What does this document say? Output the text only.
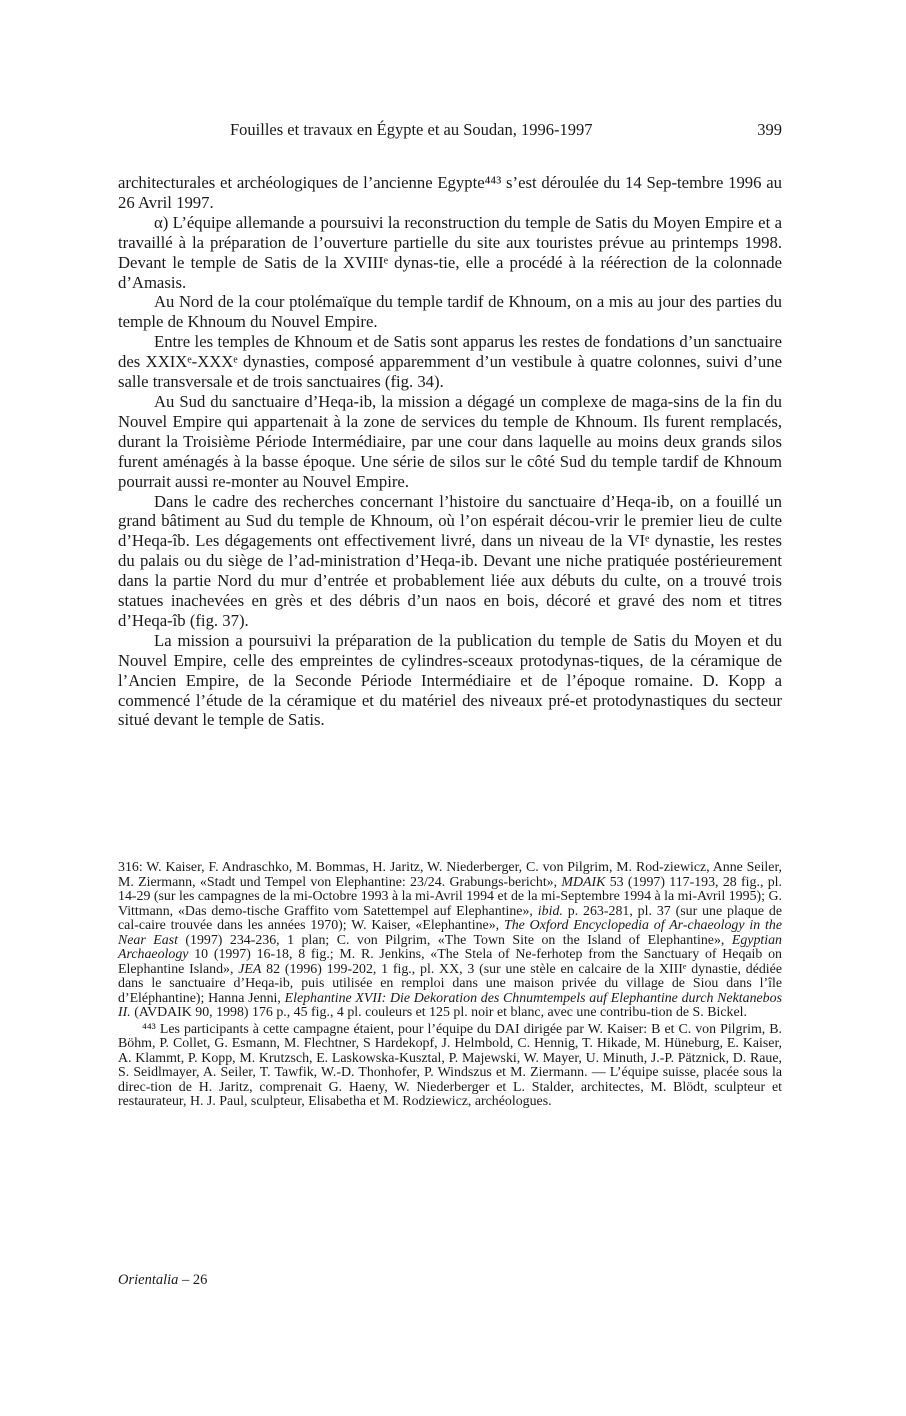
Fouilles et travaux en Égypte et au Soudan, 1996-1997	399

architecturales et archéologiques de l’ancienne Egypte⁴⁴³ s’est déroulée du 14 Sep-tembre 1996 au 26 Avril 1997.

α) L’équipe allemande a poursuivi la reconstruction du temple de Satis du Moyen Empire et a travaillé à la préparation de l’ouverture partielle du site aux touristes prévue au printemps 1998. Devant le temple de Satis de la XVIIIᵉ dynas-tie, elle a procédé à la réérection de la colonnade d’Amasis.

Au Nord de la cour ptolémaïque du temple tardif de Khnoum, on a mis au jour des parties du temple de Khnoum du Nouvel Empire.

Entre les temples de Khnoum et de Satis sont apparus les restes de fondations d’un sanctuaire des XXIXᵉ-XXXᵉ dynasties, composé apparemment d’un vestibule à quatre colonnes, suivi d’une salle transversale et de trois sanctuaires (fig. 34).

Au Sud du sanctuaire d’Heqa-ib, la mission a dégagé un complexe de maga-sins de la fin du Nouvel Empire qui appartenait à la zone de services du temple de Khnoum. Ils furent remplacés, durant la Troisième Période Intermédiaire, par une cour dans laquelle au moins deux grands silos furent aménagés à la basse époque. Une série de silos sur le côté Sud du temple tardif de Khnoum pourrait aussi re-monter au Nouvel Empire.

Dans le cadre des recherches concernant l’histoire du sanctuaire d’Heqa-ib, on a fouillé un grand bâtiment au Sud du temple de Khnoum, où l’on espérait décou-vrir le premier lieu de culte d’Heqa-îb. Les dégagements ont effectivement livré, dans un niveau de la VIᵉ dynastie, les restes du palais ou du siège de l’ad-ministration d’Heqa-ib. Devant une niche pratiquée postérieurement dans la partie Nord du mur d’entrée et probablement liée aux débuts du culte, on a trouvé trois statues inachevées en grès et des débris d’un naos en bois, décoré et gravé des nom et titres d’Heqa-îb (fig. 37).

La mission a poursuivi la préparation de la publication du temple de Satis du Moyen et du Nouvel Empire, celle des empreintes de cylindres-sceaux protodynas-tiques, de la céramique de l’Ancien Empire, de la Seconde Période Intermédiaire et de l’époque romaine. D. Kopp a commencé l’étude de la céramique et du matériel des niveaux pré-et protodynastiques du secteur situé devant le temple de Satis.

316: W. Kaiser, F. Andraschko, M. Bommas, H. Jaritz, W. Niederberger, C. von Pilgrim, M. Rod-ziewicz, Anne Seiler, M. Ziermann, «Stadt und Tempel von Elephantine: 23/24. Grabungs-bericht», MDAIK 53 (1997) 117-193, 28 fig., pl. 14-29 (sur les campagnes de la mi-Octobre 1993 à la mi-Avril 1994 et de la mi-Septembre 1994 à la mi-Avril 1995); G. Vittmann, «Das demo-tische Graffito vom Satettempel auf Elephantine», ibid. p. 263-281, pl. 37 (sur une plaque de cal-caire trouvée dans les années 1970); W. Kaiser, «Elephantine», The Oxford Encyclopedia of Ar-chaeology in the Near East (1997) 234-236, 1 plan; C. von Pilgrim, «The Town Site on the Island of Elephantine», Egyptian Archaeology 10 (1997) 16-18, 8 fig.; M. R. Jenkins, «The Stela of Ne-ferhotep from the Sanctuary of Heqaib on Elephantine Island», JEA 82 (1996) 199-202, 1 fig., pl. XX, 3 (sur une stèle en calcaire de la XIIIᵉ dynastie, dédiée dans le sanctuaire d’Heqa-ib, puis utilisée en remploi dans une maison privée du village de Siou dans l’île d’Eléphantine); Hanna Jenni, Elephantine XVII: Die Dekoration des Chnumtempels auf Elephantine durch Nektanebos II. (AVDAIK 90, 1998) 176 p., 45 fig., 4 pl. couleurs et 125 pl. noir et blanc, avec une contribu-tion de S. Bickel.

⁴⁴³ Les participants à cette campagne étaient, pour l’équipe du DAI dirigée par W. Kaiser: B et C. von Pilgrim, B. Böhm, P. Collet, G. Esmann, M. Flechtner, S Hardekopf, J. Helmbold, C. Hennig, T. Hikade, M. Hüneburg, E. Kaiser, A. Klammt, P. Kopp, M. Krutzsch, E. Laskowska-Kusztal, P. Majewski, W. Mayer, U. Minuth, J.-P. Pätznick, D. Raue, S. Seidlmayer, A. Seiler, T. Tawfik, W.-D. Thonhofer, P. Windszus et M. Ziermann. — L’équipe suisse, placée sous la direc-tion de H. Jaritz, comprenait G. Haeny, W. Niederberger et L. Stalder, architectes, M. Blödt, sculpteur et restaurateur, H. J. Paul, sculpteur, Elisabetha et M. Rodziewicz, archéologues.

Orientalia – 26
